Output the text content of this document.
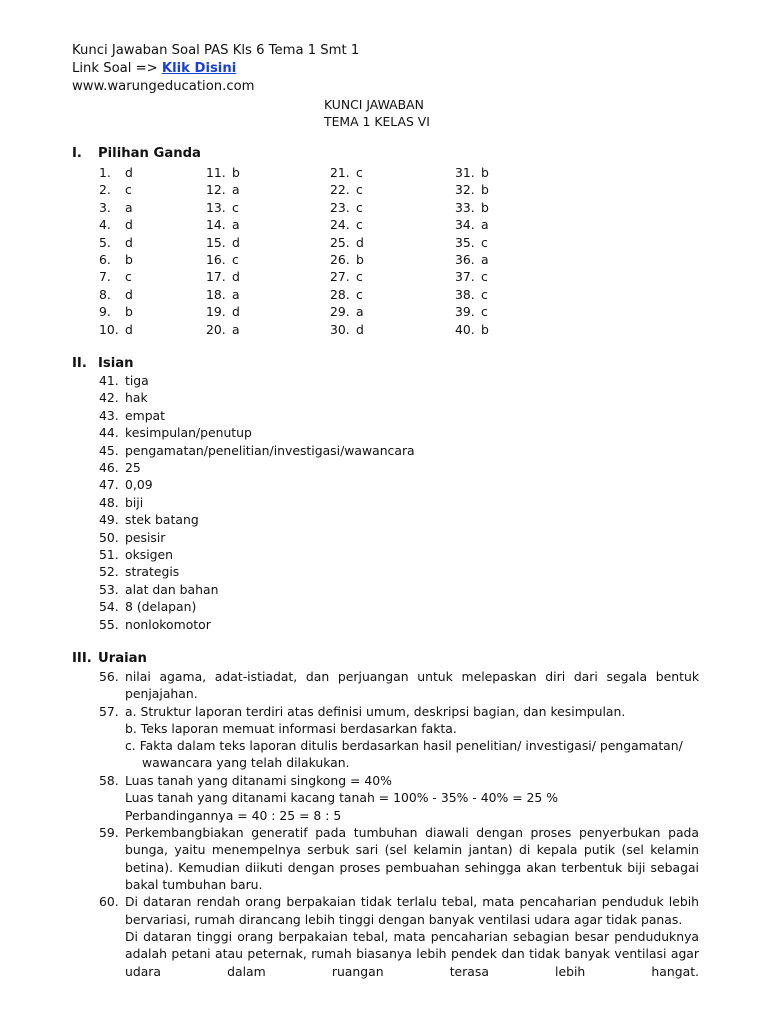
Kunci Jawaban Soal PAS Kls 6 Tema 1 Smt 1
Link Soal => Klik Disini
www.warungeducation.com
KUNCI JAWABAN
TEMA 1 KELAS VI
I. Pilihan Ganda
1. d
2. c
3. a
4. d
5. d
6. b
7. c
8. d
9. b
10. d
11. b
12. a
13. c
14. a
15. d
16. c
17. d
18. a
19. d
20. a
21. c
22. c
23. c
24. c
25. d
26. b
27. c
28. c
29. a
30. d
31. b
32. b
33. b
34. a
35. c
36. a
37. c
38. c
39. c
40. b
II. Isian
41. tiga
42. hak
43. empat
44. kesimpulan/penutup
45. pengamatan/penelitian/investigasi/wawancara
46. 25
47. 0,09
48. biji
49. stek batang
50. pesisir
51. oksigen
52. strategis
53. alat dan bahan
54. 8 (delapan)
55. nonlokomotor
III. Uraian
56. nilai agama, adat-istiadat, dan perjuangan untuk melepaskan diri dari segala bentuk
penjajahan.
57. a. Struktur laporan terdiri atas definisi umum, deskripsi bagian, dan kesimpulan.
b. Teks laporan memuat informasi berdasarkan fakta.
c. Fakta dalam teks laporan ditulis berdasarkan hasil penelitian/ investigasi/ pengamatan/
wawancara yang telah dilakukan.
58. Luas tanah yang ditanami singkong = 40%
Luas tanah yang ditanami kacang tanah = 100% - 35% - 40% = 25 %
Perbandingannya = 40 : 25 = 8 : 5
59. Perkembangbiakan generatif pada tumbuhan diawali dengan proses penyerbukan pada
bunga, yaitu menempelnya serbuk sari (sel kelamin jantan) di kepala putik (sel kelamin
betina). Kemudian diikuti dengan proses pembuahan sehingga akan terbentuk biji sebagai
bakal tumbuhan baru.
60. Di dataran rendah orang berpakaian tidak terlalu tebal, mata pencaharian penduduk lebih
bervariasi, rumah dirancang lebih tinggi dengan banyak ventilasi udara agar tidak panas.
Di dataran tinggi orang berpakaian tebal, mata pencaharian sebagian besar penduduknya
adalah petani atau peternak, rumah biasanya lebih pendek dan tidak banyak ventilasi agar
udara dalam ruangan terasa lebih hangat.
